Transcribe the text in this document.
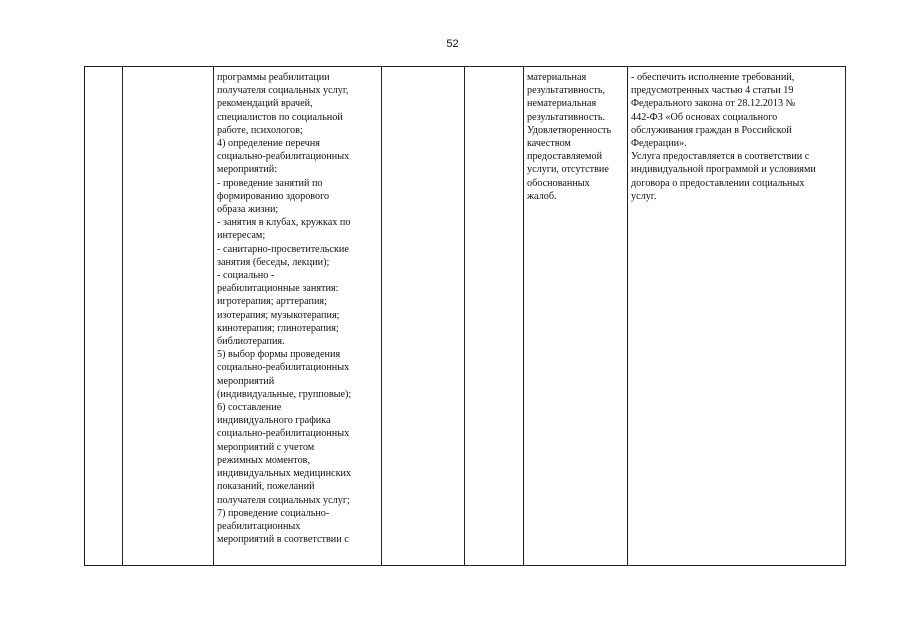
52
программы реабилитации
получателя социальных услуг,
рекомендаций врачей,
специалистов по социальной
работе, психологов;
4) определение перечня
социально-реабилитационных
мероприятий:
- проведение занятий по
формированию здорового
образа жизни;
- занятия в клубах, кружках по
интересам;
- санитарно-просветительские
занятия (беседы, лекции);
- социально -
реабилитационные занятия:
игротерапия; арттерапия;
изотерапия; музыкотерапия;
кинотерапия; глинотерапия;
библиотерапия.
5) выбор формы проведения
социально-реабилитационных
мероприятий
(индивидуальные, групповые);
6) составление
индивидуального графика
социально-реабилитационных
мероприятий с учетом
режимных моментов,
индивидуальных медицинских
показаний, пожеланий
получателя социальных услуг;
7) проведение социально-
реабилитационных
мероприятий в соответствии с
материальная
результативность,
нематериальная
результативность.
Удовлетворенность
качеством
предоставляемой
услуги, отсутствие
обоснованных
жалоб.
- обеспечить исполнение требований,
предусмотренных частью 4 статьи 19
Федерального закона от 28.12.2013 №
442-ФЗ «Об основах социального
обслуживания граждан в Российской
Федерации».
Услуга предоставляется в соответствии с
индивидуальной программой и условиями
договора о предоставлении социальных
услуг.
